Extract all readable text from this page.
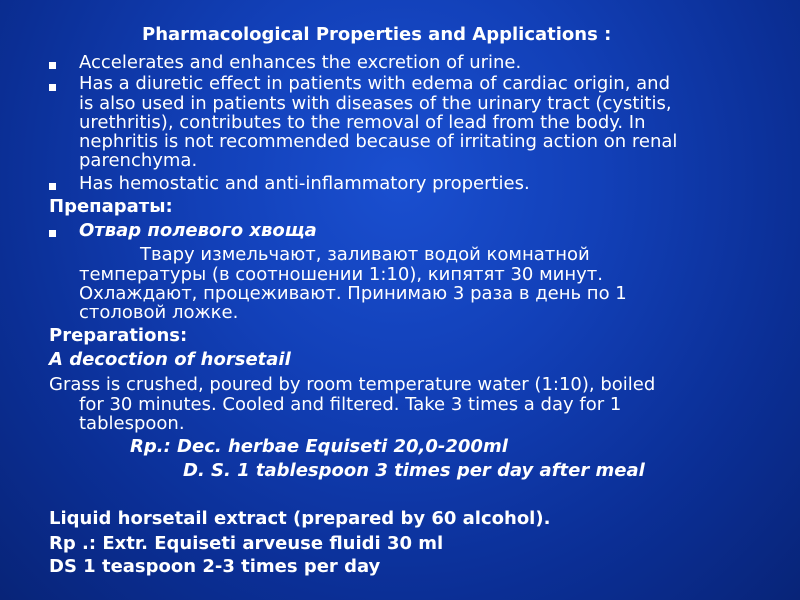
Pharmacological Properties and Applications :
Accelerates and enhances the excretion of urine.
Has a diuretic effect in patients with edema of cardiac origin, and
is also used in patients with diseases of the urinary tract (cystitis,
urethritis), contributes to the removal of lead from the body. In
nephritis is not recommended because of irritating action on renal
parenchyma.
Has hemostatic and anti-inflammatory properties.
Препараты:
Отвар полевого хвоща
Тварy измельчают, заливают водой комнатной
температуры (в соотношении 1:10), кипятят 30 минут.
Охлаждают, процеживают. Принимаю 3 раза в день по 1
столовой ложке.
Preparations:
A decoction of horsetail
Grass is crushed, poured by room temperature water (1:10), boiled
for 30 minutes. Cooled and filtered. Take 3 times a day for 1
tablespoon.
Rp.: Dec. herbae Equiseti 20,0-200ml
D. S. 1 tablespoon 3 times per day after meal
Liquid horsetail extract (prepared by 60 alcohol).
Rp .: Extr. Equiseti arveuse fluidi 30 ml
DS 1 teaspoon 2-3 times per day
